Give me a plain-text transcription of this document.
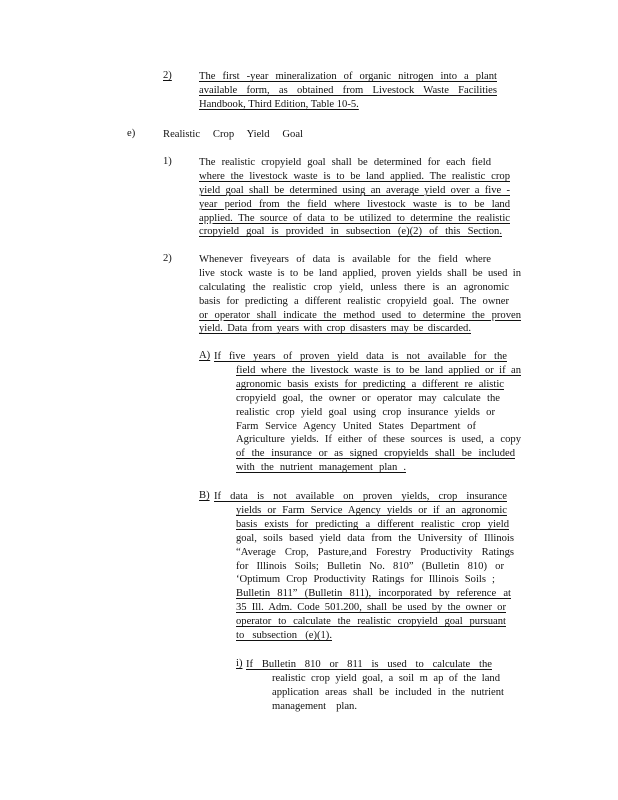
2)	The first -year mineralization of organic nitrogen into a plant
available form, as obtained from Livestock Waste Facilities
Handbook, Third Edition, Table 10-5.
e)	Realistic Crop Yield Goal
1)	The realistic cropyield goal shall be determined for each field
where the livestock waste is to be land applied. The realistic crop
yield goal shall be determined using an average yield over a five -
year period from the field where livestock waste is to be land
applied. The source of data to be utilized to determine the realistic
cropyield goal is provided in subsection (e)(2) of this Section.
2)	Whenever fiveyears of data is available for the field where
live stock waste is to be land applied, proven yields shall be used in
calculating the realistic crop yield, unless there is an agronomic
basis for predicting a different realistic cropyield goal. The owner
or operator shall indicate the method used to determine the proven
yield. Data from years with crop disasters may be discarded.
A) If five years of proven yield data is not available for the
field where the livestock waste is to be land applied or if an
agronomic basis exists for predicting a different re alistic
cropyield goal, the owner or operator may calculate the
realistic crop yield goal using crop insurance yields or
Farm Service Agency United States Department of
Agriculture yields. If either of these sources is used, a copy
of the insurance or as signed cropyields shall be included
with the nutrient management plan .
B) If data is not available on proven yields, crop insurance
yields or Farm Service Agency yields or if an agronomic
basis exists for predicting a different realistic crop yield
goal, soils based yield data from the University of Illinois
“Average Crop, Pasture,and Forestry Productivity Ratings
for Illinois Soils; Bulletin No. 810” (Bulletin 810) or
‘Optimum Crop Productivity Ratings for Illinois Soils ;
Bulletin 811” (Bulletin 811), incorporated by reference at
35 Ill. Adm. Code 501.200, shall be used by the owner or
operator to calculate the realistic cropyield goal pursuant
to subsection (e)(1).
i) If Bulletin 810 or 811 is used to calculate the
realistic crop yield goal, a soil m ap of the land
application areas shall be included in the nutrient
management plan.
